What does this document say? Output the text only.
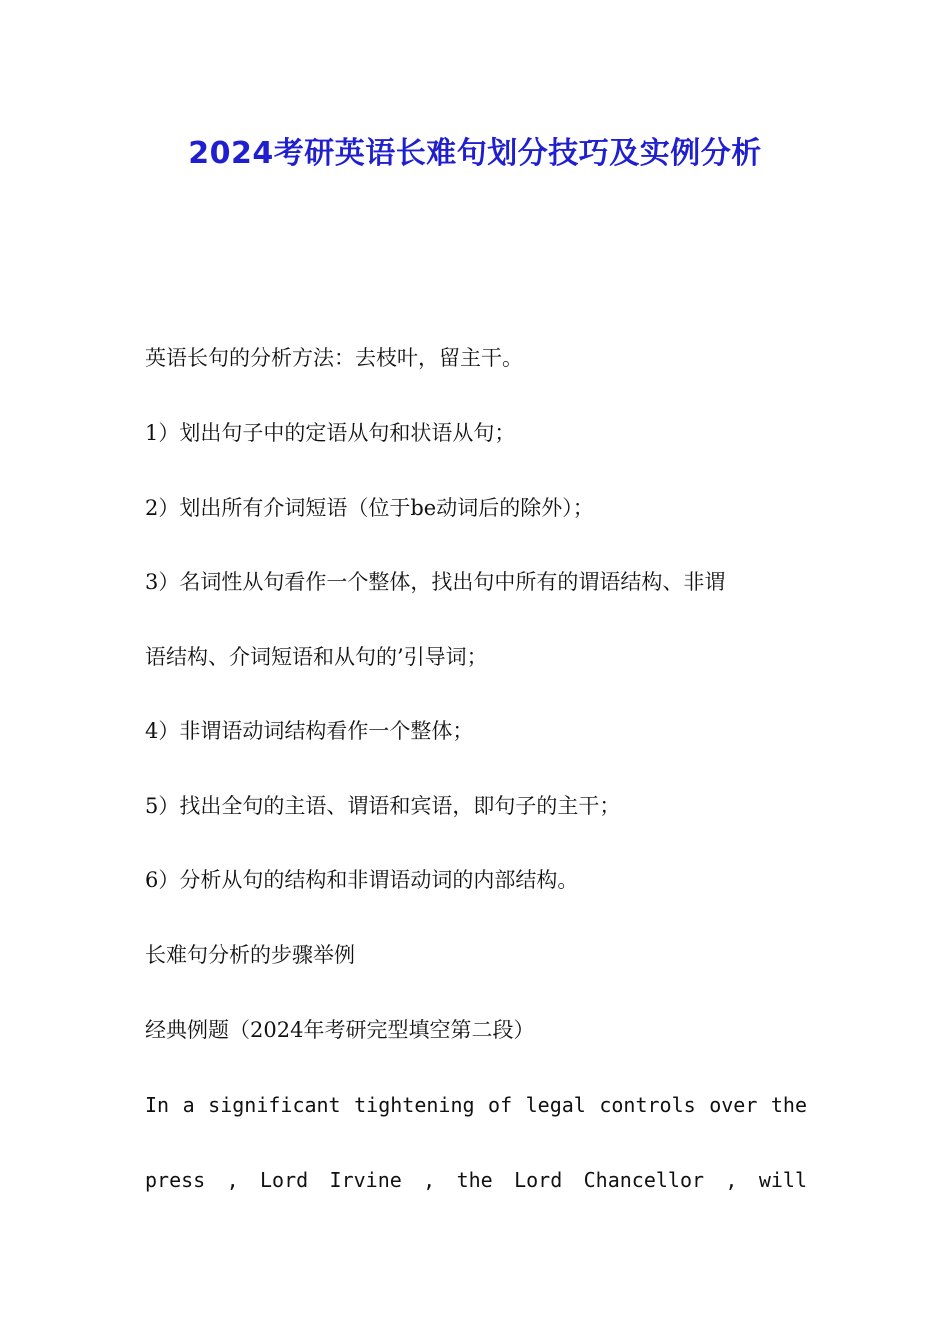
2024考研英语长难句划分技巧及实例分析
英语长句的分析方法：去枝叶，留主干。
1）划出句子中的定语从句和状语从句；
2）划出所有介词短语（位于be动词后的除外）；
3）名词性从句看作一个整体，找出句中所有的谓语结构、非谓
语结构、介词短语和从句的’引导词；
4）非谓语动词结构看作一个整体；
5）找出全句的主语、谓语和宾语，即句子的主干；
6）分析从句的结构和非谓语动词的内部结构。
长难句分析的步骤举例
经典例题（2024年考研完型填空第二段）
In a significant tightening of legal controls over the
press , Lord Irvine , the Lord Chancellor , will
